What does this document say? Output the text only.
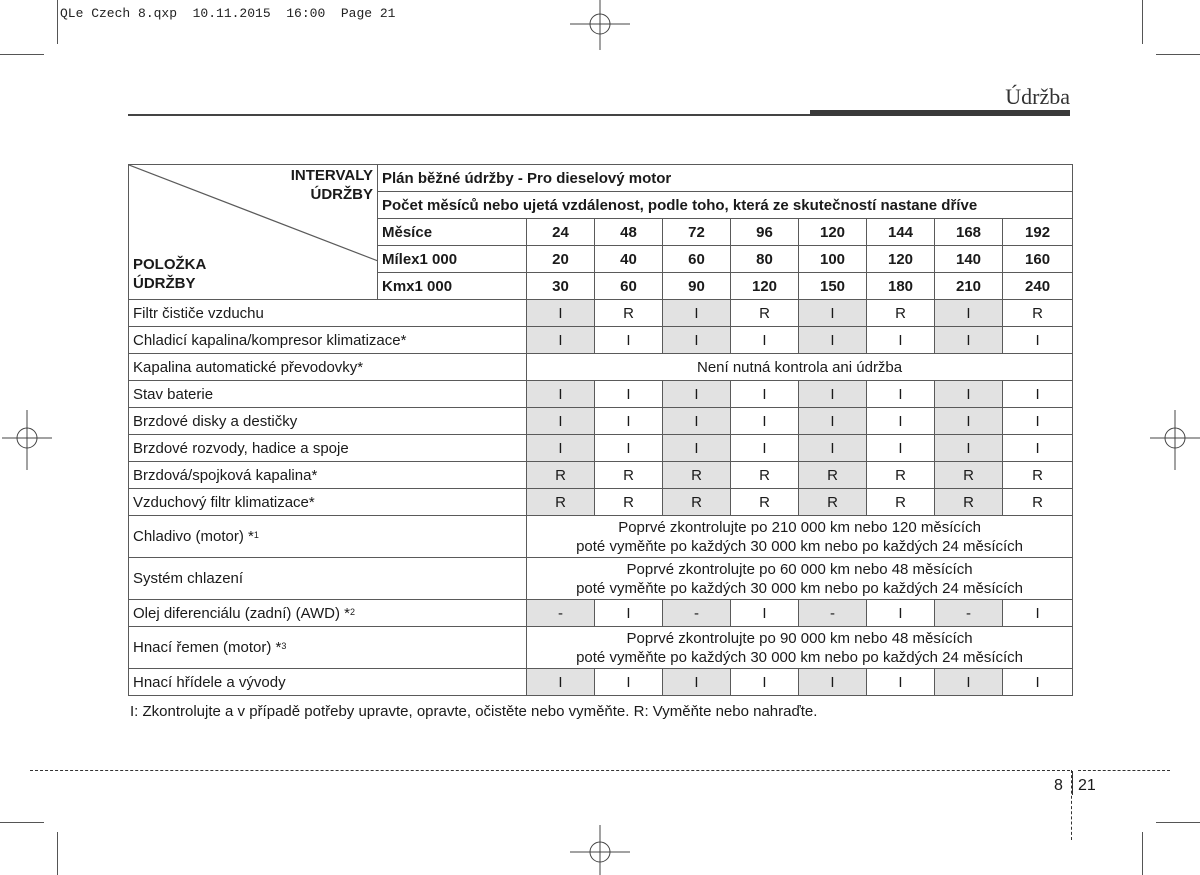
QLe Czech 8.qxp  10.11.2015  16:00  Page 21
Údržba
INTERVALY
ÚDRŽBY
POLOŽKA
ÚDRŽBY	Plán běžné údržby - Pro dieselový motor								
	Počet měsíců nebo ujetá vzdálenost, podle toho, která ze skutečností nastane dříve								
	Měsíce	24	48	72	96	120	144	168	192
	Mílex1 000	20	40	60	80	100	120	140	160
	Kmx1 000	30	60	90	120	150	180	210	240
Filtr čističe vzduchu		I	R	I	R	I	R	I	R
Chladicí kapalina/kompresor klimatizace*		I	I	I	I	I	I	I	I
Kapalina automatické převodovky*		Není nutná kontrola ani údržba							
Stav baterie		I	I	I	I	I	I	I	I
Brzdové disky a destičky		I	I	I	I	I	I	I	I
Brzdové rozvody, hadice a spoje		I	I	I	I	I	I	I	I
Brzdová/spojková kapalina*		R	R	R	R	R	R	R	R
Vzduchový filtr klimatizace*		R	R	R	R	R	R	R	R
Chladivo (motor) *$^1$		Poprvé zkontrolujte po 210 000 km nebo 120 měsících
poté vyměňte po každých 30 000 km nebo po každých 24 měsících							

Systém chlazení		Poprvé zkontrolujte po 60 000 km nebo 48 měsících
poté vyměňte po každých 30 000 km nebo po každých 24 měsících							

Olej diferenciálu (zadní) (AWD) *$^2$		-	I	-	I	-	I	-	I
Hnací řemen (motor) *$^3$		Poprvé zkontrolujte po 90 000 km nebo 48 měsících
poté vyměňte po každých 30 000 km nebo po každých 24 měsících							

Hnací hřídele a vývody		I	I	I	I	I	I	I	I
I: Zkontrolujte a v případě potřeby upravte, opravte, očistěte nebo vyměňte. R: Vyměňte nebo nahraďte.
8 21
